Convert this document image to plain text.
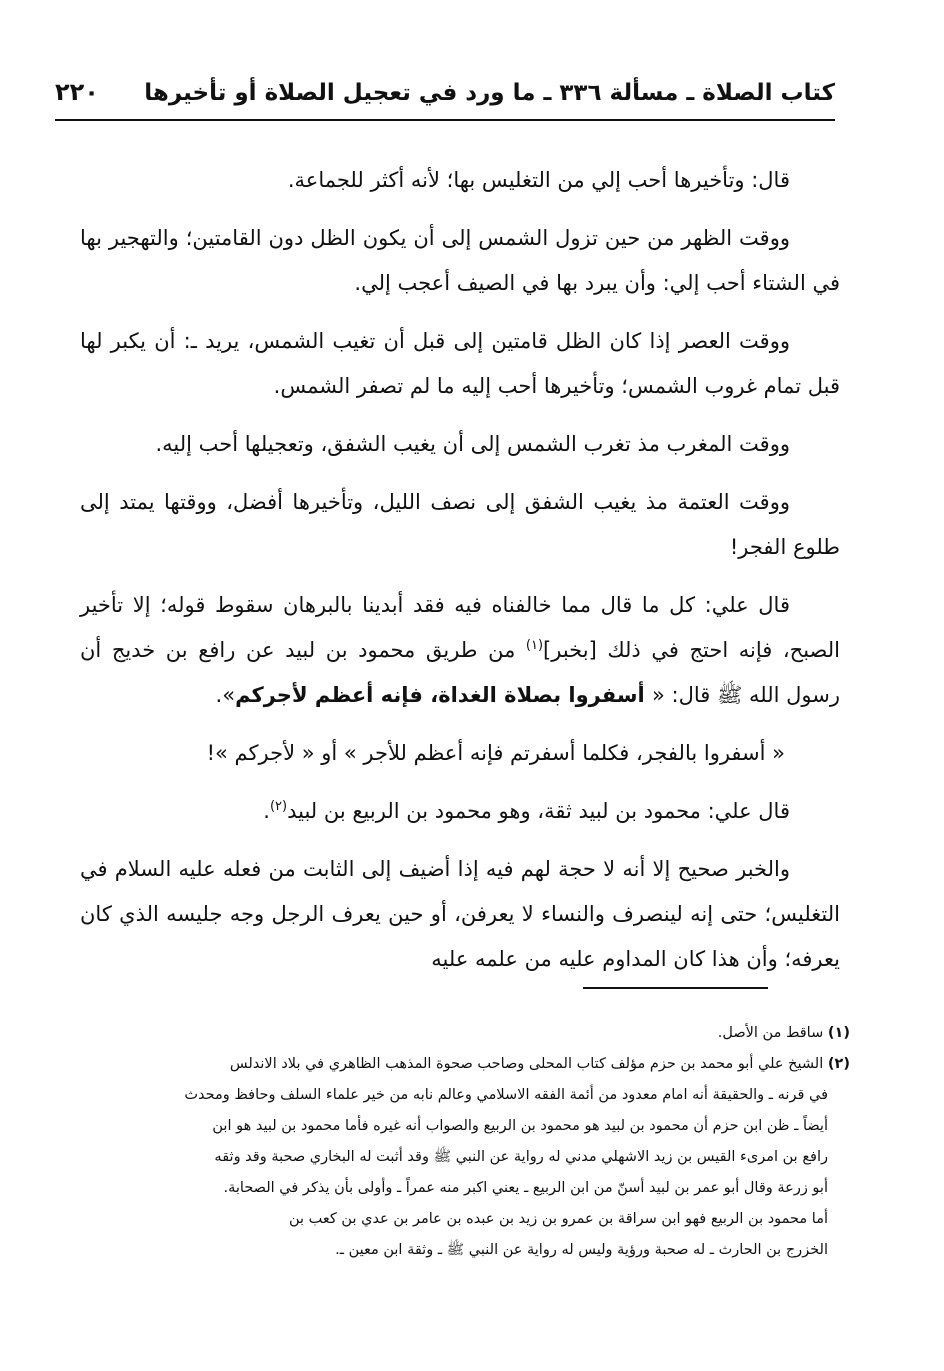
كتاب الصلاة ـ مسألة ٣٣٦ ـ ما ورد في تعجيل الصلاة أو تأخيرها
٢٢٠

قال: وتأخيرها أحب إلي من التغليس بها؛ لأنه أكثر للجماعة.

ووقت الظهر من حين تزول الشمس إلى أن يكون الظل دون القامتين؛ والتهجير بها في الشتاء أحب إلي: وأن يبرد بها في الصيف أعجب إلي.

ووقت العصر إذا كان الظل قامتين إلى قبل أن تغيب الشمس، يريد ـ: أن يكبر لها قبل تمام غروب الشمس؛ وتأخيرها أحب إليه ما لم تصفر الشمس.

ووقت المغرب مذ تغرب الشمس إلى أن يغيب الشفق، وتعجيلها أحب إليه.

ووقت العتمة مذ يغيب الشفق إلى نصف الليل، وتأخيرها أفضل، ووقتها يمتد إلى طلوع الفجر!

قال علي: كل ما قال مما خالفناه فيه فقد أبدينا بالبرهان سقوط قوله؛ إلا تأخير الصبح، فإنه احتج في ذلك [بخبر]$^{(١)}$ من طريق محمود بن لبيد عن رافع بن خديج أن رسول الله ﷺ قال: « أسفروا بصلاة الغداة، فإنه أعظم لأجركم».

« أسفروا بالفجر، فكلما أسفرتم فإنه أعظم للأجر » أو « لأجركم »!

قال علي: محمود بن لبيد ثقة، وهو محمود بن الربيع بن لبيد$^{(٢)}$.

والخبر صحيح إلا أنه لا حجة لهم فيه إذا أضيف إلى الثابت من فعله عليه السلام في التغليس؛ حتى إنه لينصرف والنساء لا يعرفن، أو حين يعرف الرجل وجه جليسه الذي كان يعرفه؛ وأن هذا كان المداوم عليه من علمه عليه

(١) ساقط من الأصل.

(٢) الشيخ علي أبو محمد بن حزم مؤلف كتاب المحلى وصاحب صحوة المذهب الظاهري في بلاد الاندلس
في قرنه ـ والحقيقة أنه امام معدود من أئمة الفقه الاسلامي وعالم نابه من خير علماء السلف وحافظ ومحدث
أيضاً ـ ظن ابن حزم أن محمود بن لبيد هو محمود بن الربيع والصواب أنه غيره فأما محمود بن لبيد هو ابن
رافع بن امرىء القيس بن زيد الاشهلي مدني له رواية عن النبي ﷺ وقد أثبت له البخاري صحبة وقد وثقه
أبو زرعة وقال أبو عمر بن لبيد أسنّ من ابن الربيع ـ يعني اكبر منه عمراً ـ وأولى بأن يذكر في الصحابة.
أما محمود بن الربيع فهو ابن سراقة بن عمرو بن زيد بن عبده بن عامر بن عدي بن كعب بن
الخزرج بن الحارث ـ له صحبة ورؤية وليس له رواية عن النبي ﷺ ـ وثقة ابن معين ـ.
